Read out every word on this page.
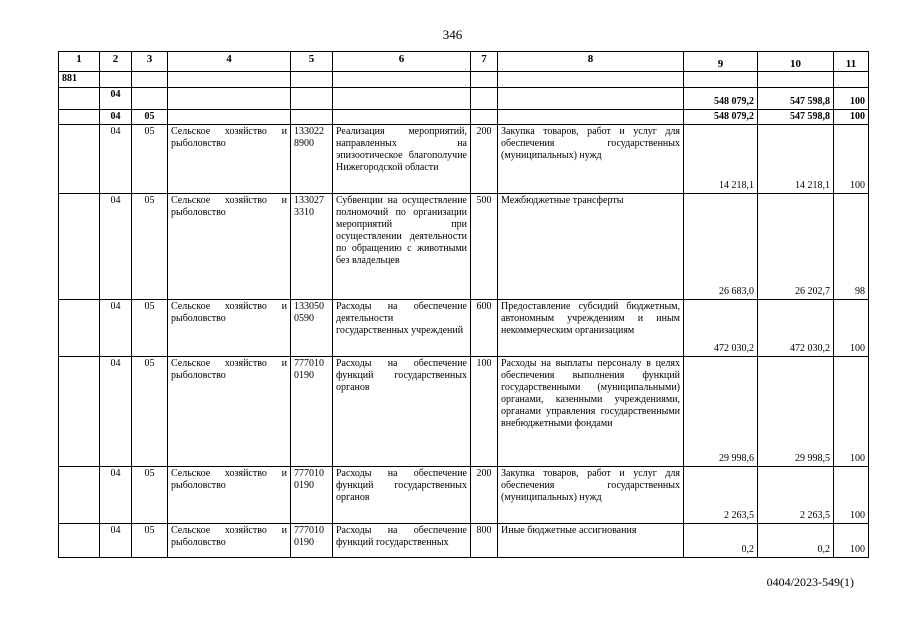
346
1	2	3	4	5	6	7	8	9	10	11
881										
	04							548 079,2	547 598,8	100
	04	05						548 079,2	547 598,8	100
	04	05	Сельское хозяйство и рыболовство	133022 8900	Реализация мероприятий, направленных на эпизоотическое благополучие Нижегородской области	200	Закупка товаров, работ и услуг для обеспечения государственных (муниципальных) нужд	14 218,1	14 218,1	100
	04	05	Сельское хозяйство и рыболовство	133027 3310	Субвенции на осуществление полномочий по организации мероприятий при осуществлении деятельности по обращению с животными без владельцев	500	Межбюджетные трансферты	26 683,0	26 202,7	98
	04	05	Сельское хозяйство и рыболовство	133050 0590	Расходы на обеспечение деятельности государственных учреждений	600	Предоставление субсидий бюджетным, автономным учреждениям и иным некоммерческим организациям	472 030,2	472 030,2	100
	04	05	Сельское хозяйство и рыболовство	777010 0190	Расходы на обеспечение функций государственных органов	100	Расходы на выплаты персоналу в целях обеспечения выполнения функций государственными (муниципальными) органами, казенными учреждениями, органами управления государственными внебюджетными фондами	29 998,6	29 998,5	100
	04	05	Сельское хозяйство и рыболовство	777010 0190	Расходы на обеспечение функций государственных органов	200	Закупка товаров, работ и услуг для обеспечения государственных (муниципальных) нужд	2 263,5	2 263,5	100
	04	05	Сельское хозяйство и рыболовство	777010 0190	Расходы на обеспечение функций государственных	800	Иные бюджетные ассигнования	0,2	0,2	100
0404/2023-549(1)
